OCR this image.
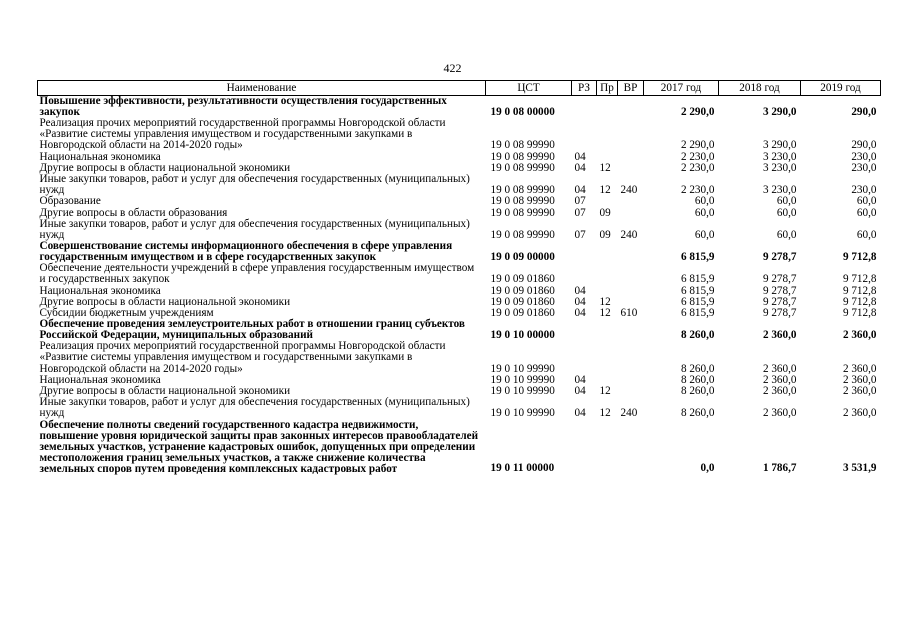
422
Наименование	ЦСТ	РЗ	Пр	ВР	2017 год	2018 год	2019 год
Повышение эффективности, результативности осуществления государственных закупок	19 0 08 00000				2 290,0	3 290,0	290,0
Реализация прочих мероприятий государственной программы Новгородской области «Развитие системы управления имуществом и государственными закупками в Новгородской области на 2014-2020 годы»	19 0 08 99990				2 290,0	3 290,0	290,0
Национальная экономика	19 0 08 99990	04			2 230,0	3 230,0	230,0
Другие вопросы в области национальной экономики	19 0 08 99990	04	12		2 230,0	3 230,0	230,0
Иные закупки товаров, работ и услуг для обеспечения государственных (муниципальных) нужд	19 0 08 99990	04	12	240	2 230,0	3 230,0	230,0
Образование	19 0 08 99990	07			60,0	60,0	60,0
Другие вопросы в области образования	19 0 08 99990	07	09		60,0	60,0	60,0
Иные закупки товаров, работ и услуг для обеспечения государственных (муниципальных) нужд	19 0 08 99990	07	09	240	60,0	60,0	60,0
Совершенствование системы информационного обеспечения в сфере управления государственным имуществом и в сфере государственных закупок	19 0 09 00000				6 815,9	9 278,7	9 712,8
Обеспечение деятельности учреждений в сфере управления государственным имуществом и государственных закупок	19 0 09 01860				6 815,9	9 278,7	9 712,8
Национальная экономика	19 0 09 01860	04			6 815,9	9 278,7	9 712,8
Другие вопросы в области национальной экономики	19 0 09 01860	04	12		6 815,9	9 278,7	9 712,8
Субсидии бюджетным учреждениям	19 0 09 01860	04	12	610	6 815,9	9 278,7	9 712,8
Обеспечение проведения землеустроительных работ в отношении границ субъектов Российской Федерации, муниципальных образований	19 0 10 00000				8 260,0	2 360,0	2 360,0
Реализация прочих мероприятий государственной программы Новгородской области «Развитие системы управления имуществом и государственными закупками в Новгородской области на 2014-2020 годы»	19 0 10 99990				8 260,0	2 360,0	2 360,0
Национальная экономика	19 0 10 99990	04			8 260,0	2 360,0	2 360,0
Другие вопросы в области национальной экономики	19 0 10 99990	04	12		8 260,0	2 360,0	2 360,0
Иные закупки товаров, работ и услуг для обеспечения государственных (муниципальных) нужд	19 0 10 99990	04	12	240	8 260,0	2 360,0	2 360,0
Обеспечение полноты сведений государственного кадастра недвижимости, повышение уровня юридической защиты прав законных интересов правообладателей земельных участков, устранение кадастровых ошибок, допущенных при определении местоположения границ земельных участков, а также снижение количества земельных споров путем проведения комплексных кадастровых работ	19 0 11 00000				0,0	1 786,7	3 531,9
